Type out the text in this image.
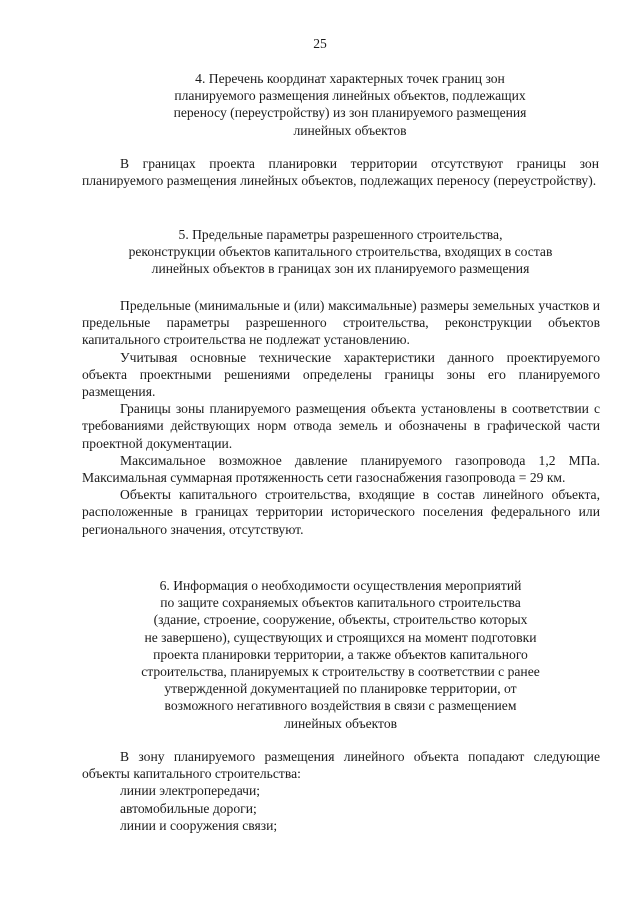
25
4. Перечень координат характерных точек границ зон
планируемого размещения линейных объектов, подлежащих
переносу (переустройству) из зон планируемого размещения
линейных объектов

В границах проекта планировки территории отсутствуют границы зон планируемого размещения линейных объектов, подлежащих переносу (переустройству).

5. Предельные параметры разрешенного строительства,
реконструкции объектов капитального строительства, входящих в состав
линейных объектов в границах зон их планируемого размещения

Предельные (минимальные и (или) максимальные) размеры земельных участков и предельные параметры разрешенного строительства, реконструкции объектов капитального строительства не подлежат установлению.

Учитывая основные технические характеристики данного проектируемого объекта проектными решениями определены границы зоны его планируемого размещения.

Границы зоны планируемого размещения объекта установлены в соответствии с требованиями действующих норм отвода земель и обозначены в графической части проектной документации.

Максимальное возможное давление планируемого газопровода 1,2 МПа. Максимальная суммарная протяженность сети газоснабжения газопровода = 29 км.

Объекты капитального строительства, входящие в состав линейного объекта, расположенные в границах территории исторического поселения федерального или регионального значения, отсутствуют.

6. Информация о необходимости осуществления мероприятий
по защите сохраняемых объектов капитального строительства
(здание, строение, сооружение, объекты, строительство которых
не завершено), существующих и строящихся на момент подготовки
проекта планировки территории, а также объектов капитального
строительства, планируемых к строительству в соответствии с ранее
утвержденной документацией по планировке территории, от
возможного негативного воздействия в связи с размещением
линейных объектов

В зону планируемого размещения линейного объекта попадают следующие объекты капитального строительства:

линии электропередачи;

автомобильные дороги;

линии и сооружения связи;
